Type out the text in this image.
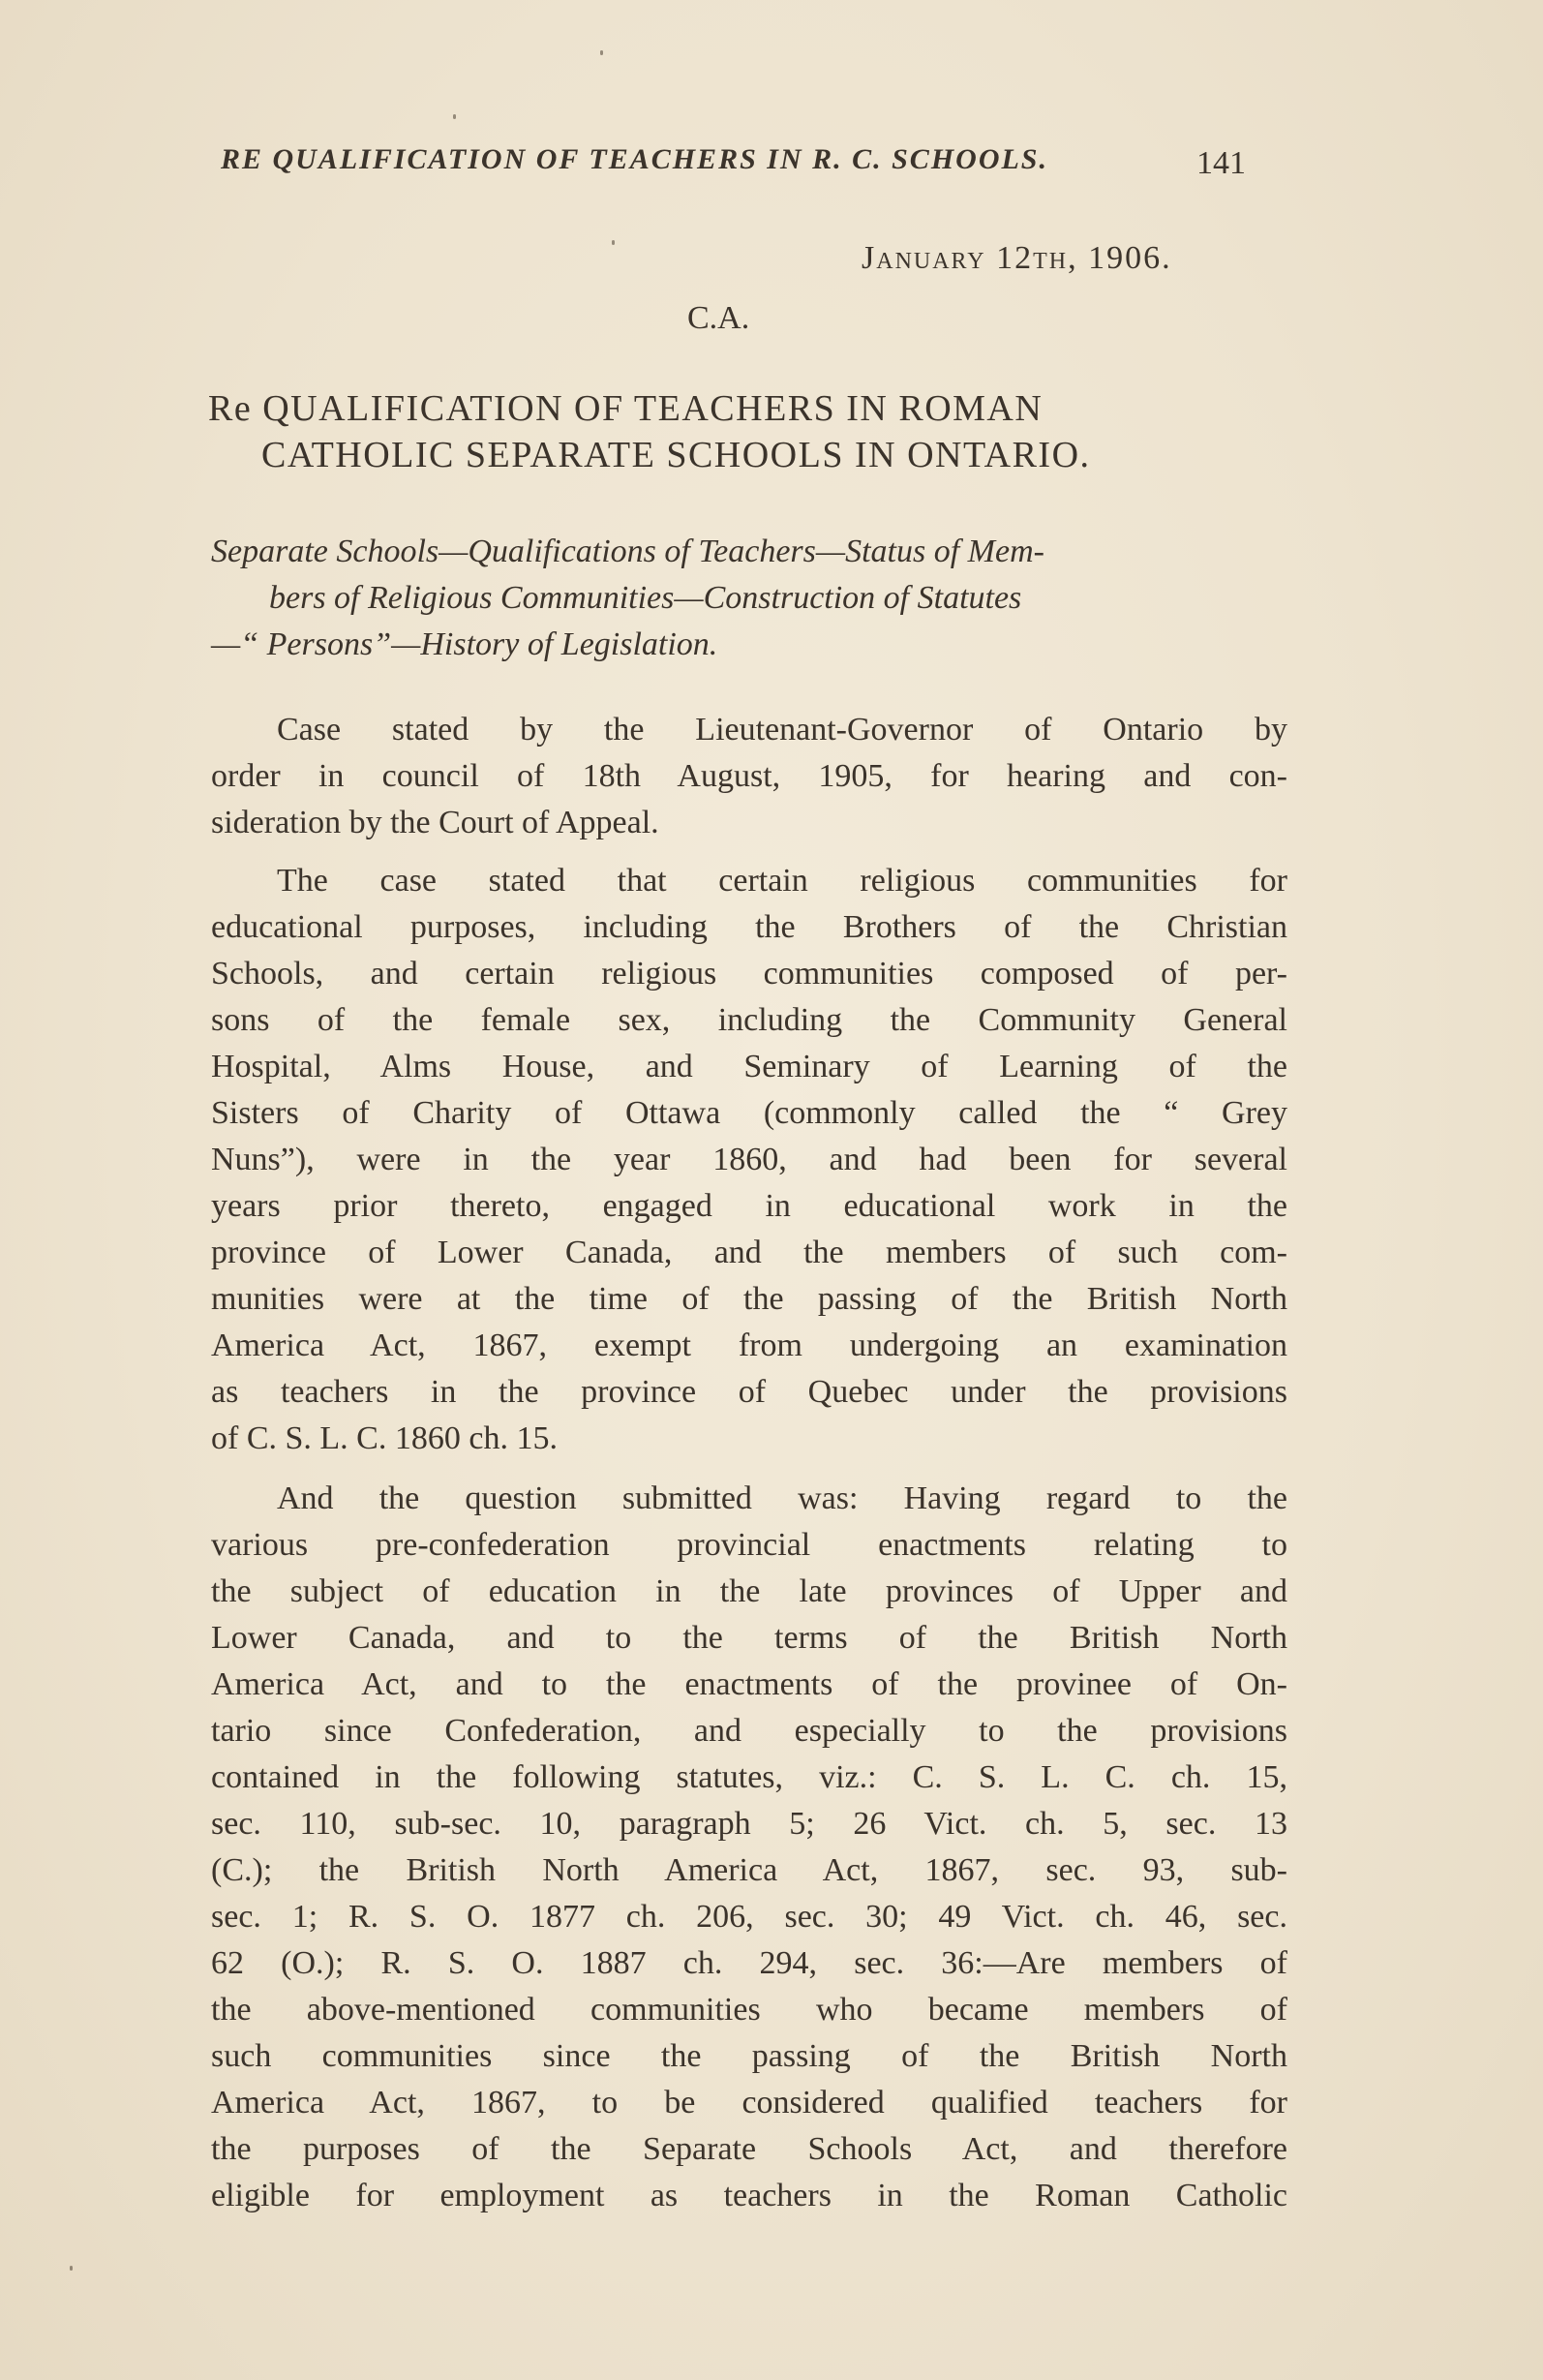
RE QUALIFICATION OF TEACHERS IN R. C. SCHOOLS.	141
January 12th, 1906.
C.A.
Re QUALIFICATION OF TEACHERS IN ROMAN
CATHOLIC SEPARATE SCHOOLS IN ONTARIO.
Separate Schools—Qualifications of Teachers—Status of Mem-
bers of Religious Communities—Construction of Statutes
—“ Persons”—History of Legislation.
Case stated by the Lieutenant-Governor of Ontario by
order in council of 18th August, 1905, for hearing and con-
sideration by the Court of Appeal.
The case stated that certain religious communities for
educational purposes, including the Brothers of the Christian
Schools, and certain religious communities composed of per-
sons of the female sex, including the Community General
Hospital, Alms House, and Seminary of Learning of the
Sisters of Charity of Ottawa (commonly called the “ Grey
Nuns”), were in the year 1860, and had been for several
years prior thereto, engaged in educational work in the
province of Lower Canada, and the members of such com-
munities were at the time of the passing of the British North
America Act, 1867, exempt from undergoing an examination
as teachers in the province of Quebec under the provisions
of C. S. L. C. 1860 ch. 15.
And the question submitted was: Having regard to the
various pre-confederation provincial enactments relating to
the subject of education in the late provinces of Upper and
Lower Canada, and to the terms of the British North
America Act, and to the enactments of the provinee of On-
tario since Confederation, and especially to the provisions
contained in the following statutes, viz.: C. S. L. C. ch. 15,
sec. 110, sub-sec. 10, paragraph 5; 26 Vict. ch. 5, sec. 13
(C.); the British North America Act, 1867, sec. 93, sub-
sec. 1; R. S. O. 1877 ch. 206, sec. 30; 49 Vict. ch. 46, sec.
62 (O.); R. S. O. 1887 ch. 294, sec. 36:—Are members of
the above-mentioned communities who became members of
such communities since the passing of the British North
America Act, 1867, to be considered qualified teachers for
the purposes of the Separate Schools Act, and therefore
eligible for employment as teachers in the Roman Catholic
